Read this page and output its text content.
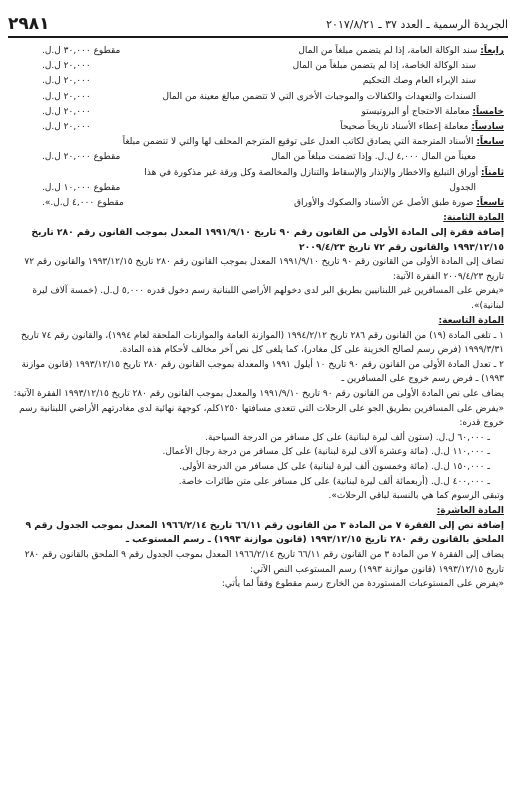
الجريدة الرسمية ـ العدد ٣٧ ـ ٢٠١٧/٨/٢١
٢٩٨١
رابعاً: سند الوكالة العامة، إذا لم يتضمن مبلغاً من المال
مقطوع ٣٠,٠٠٠ ل.ل.
سند الوكالة الخاصة، إذا لم يتضمن مبلغاً من المال
٢٠,٠٠٠ ل.ل.
سند الإبراء العام وصك التحكيم
٢٠,٠٠٠ ل.ل.
السندات والتعهدات والكفالات والموجبات الأخرى التي لا تتضمن مبالغ معينة من المال
٢٠,٠٠٠ ل.ل.
خامساً: معاملة الاحتجاج أو البروتيستو
٢٠,٠٠٠ ل.ل.
سادساً: معاملة إعطاء الأسناد تاريخاً صحيحاً
٢٠,٠٠٠ ل.ل.
سابعاً: الأسناد المترجمة التي يصادق لكاتب العدل على توقيع المترجم المحلف لها والتي لا تتضمن مبلغاً
معيناً من المال ٤,٠٠٠ ل.ل. وإذا تضمنت مبلغاً من المال
مقطوع ٢٠,٠٠٠ ل.ل.
ثامناً: أوراق التبليغ والاخطار والإنذار والإسقاط والتنازل والمخالصة وكل ورقة غير مذكورة في هذا
الجدول
مقطوع ١٠,٠٠٠ ل.ل.
تاسعاً: صورة طبق الأصل عن الأسناد والصكوك والأوراق
مقطوع ٤,٠٠٠ ل.ل.».
المادة الثامنة:
إضافة فقرة إلى المادة الأولى من القانون رقم ٩٠ تاريخ ١٩٩١/٩/١٠ المعدل بموجب القانون رقم ٢٨٠ تاريخ ١٩٩٣/١٢/١٥ والقانون رقم ٧٢ تاريخ ٢٠٠٩/٤/٢٣
تضاف إلى المادة الأولى من القانون رقم ٩٠ تاريخ ١٩٩١/٩/١٠ المعدل بموجب القانون رقم ٢٨٠ تاريخ ١٩٩٣/١٢/١٥ والقانون رقم ٧٢ تاريخ ٢٠٠٩/٤/٢٣ الفقرة الآتية:
«يفرض على المسافرين غير اللبنانيين بطريق البر لدى دخولهم الأراضي اللبنانية رسم دخول قدره ٥,٠٠٠ ل.ل. (خمسة آلاف ليرة لبنانية)».
المادة التاسعة:
١ ـ تلغى المادة (١٩) من القانون رقم ٢٨٦ تاريخ ١٩٩٤/٢/١٢ (الموازنة العامة والموازنات الملحقة لعام ١٩٩٤)، والقانون رقم ٧٤ تاريخ ١٩٩٩/٣/٣١ (فرض رسم لصالح الخزينة على كل مغادر)، كما يلغى كل نص آخر مخالف لأحكام هذه المادة.
٢ ـ تعدل المادة الأولى من القانون رقم ٩٠ تاريخ ١٠ أيلول ١٩٩١ والمعدلة بموجب القانون رقم ٢٨٠ تاريخ ١٩٩٣/١٢/١٥ (قانون موازنة ١٩٩٣) ـ فرض رسم خروج على المسافرين ـ
يضاف على نص المادة الأولى من القانون رقم ٩٠ تاريخ ١٩٩١/٩/١٠ والمعدل بموجب القانون رقم ٢٨٠ تاريخ ١٩٩٣/١٢/١٥ الفقرة الآتية:
«يفرض على المسافرين بطريق الجو على الرحلات التي تتعدى مسافتها ١٢٥٠كلم، كوجهة نهائية لدى مغادرتهم الأراضي اللبنانية رسم خروج قدره:
ـ ٦٠,٠٠٠ ل.ل. (ستون ألف ليرة لبنانية) على كل مسافر من الدرجة السياحية.
ـ ١١٠,٠٠٠ ل.ل. (مائة وعشرة آلاف ليرة لبنانية) على كل مسافر من درجة رجال الأعمال.
ـ ١٥٠,٠٠٠ ل.ل. (مائة وخمسون ألف ليرة لبنانية) على كل مسافر من الدرجة الأولى.
ـ ٤٠٠,٠٠٠ ل.ل. (أربعمائة ألف ليرة لبنانية) على كل مسافر على متن طائرات خاصة.
وتبقى الرسوم كما هي بالنسبة لباقي الرحلات».
المادة العاشرة:
إضافة نص إلى الفقرة ٧ من المادة ٣ من القانون رقم ٦٦/١١ تاريخ ١٩٦٦/٢/١٤ المعدل بموجب الجدول رقم ٩ الملحق بالقانون رقم ٢٨٠ تاريخ ١٩٩٣/١٢/١٥ (قانون موازنة ١٩٩٣) ـ رسم المستوعب ـ
يضاف إلى الفقرة ٧ من المادة ٣ من القانون رقم ٦٦/١١ تاريخ ١٩٦٦/٢/١٤ المعدل بموجب الجدول رقم ٩ الملحق بالقانون رقم ٢٨٠ تاريخ ١٩٩٣/١٢/١٥ (قانون موازنة ١٩٩٣) رسم المستوعب النص الآتي:
«يفرض على المستوعبات المستوردة من الخارج رسم مقطوع وفقاً لما يأتي:
